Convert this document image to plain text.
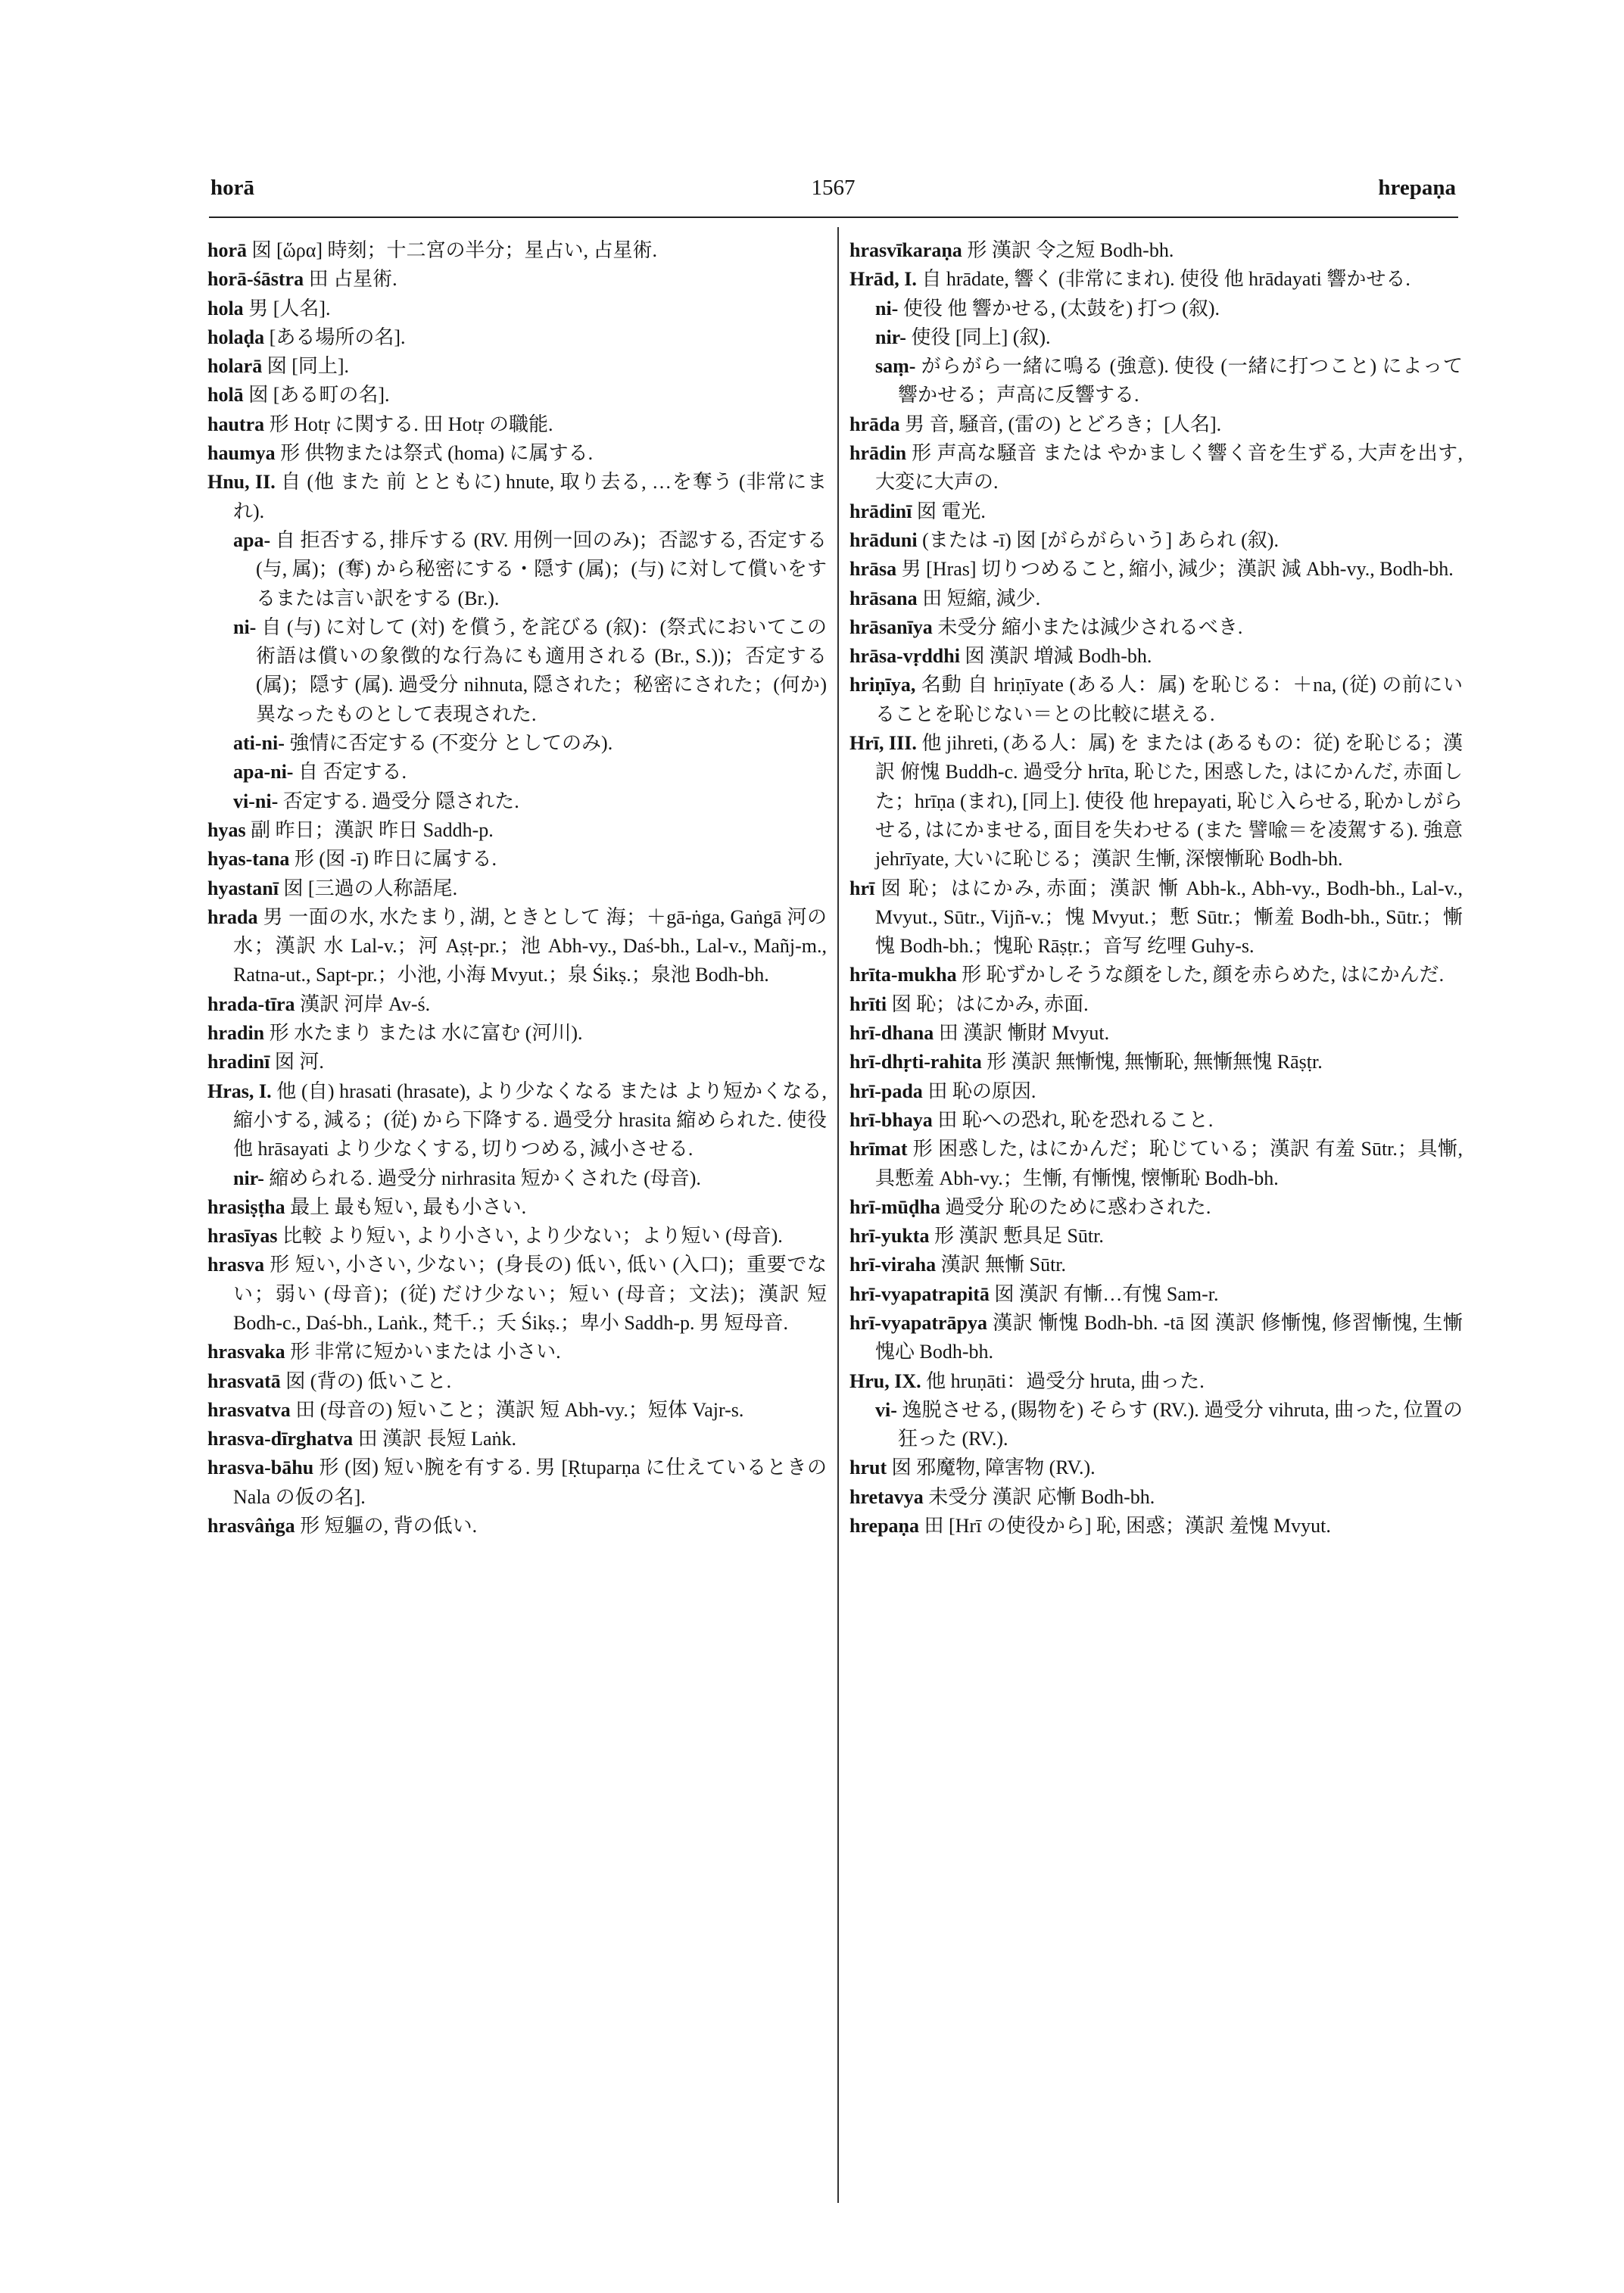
horā	1567	hrepaṇa

horā 囡 [ὥρα] 時刻；十二宮の半分；星占い, 占星術.

horā-śāstra 田 占星術.

hola 男 [人名].

holaḍa [ある場所の名].

holarā 囡 [同上].

holā 囡 [ある町の名].

hautra 形 Hotṛ に関する. 田 Hotṛ の職能.

haumya 形 供物または祭式 (homa) に属する.

Hnu, II. 自 (他 また 前 とともに) hnute, 取り去る, …を奪う (非常にまれ).

apa- 自 拒否する, 排斥する (RV. 用例一回のみ)；否認する, 否定する (与, 属)；(奪) から秘密にする・隠す (属)；(与) に対して償いをするまたは言い訳をする (Br.).

ni- 自 (与) に対して (対) を償う, を詫びる (叙)：(祭式においてこの術語は償いの象徴的な行為にも適用される (Br., S.))；否定する (属)；隠す (属). 過受分 nihnuta, 隠された；秘密にされた；(何か) 異なったものとして表現された.

ati-ni- 強情に否定する (不変分 としてのみ).

apa-ni- 自 否定する.

vi-ni- 否定する. 過受分 隠された.

hyas 副 昨日；漢訳 昨日 Saddh-p.

hyas-tana 形 (囡 -ī) 昨日に属する.

hyastanī 囡 [三過の人称語尾.

hrada 男 一面の水, 水たまり, 湖, ときとして 海；＋gā-ṅga, Gaṅgā 河の水；漢訳 水 Lal-v.；河 Aṣṭ-pr.；池 Abh-vy., Daś-bh., Lal-v., Mañj-m., Ratna-ut., Sapt-pr.；小池, 小海 Mvyut.；泉 Śikṣ.；泉池 Bodh-bh.

hrada-tīra 漢訳 河岸 Av-ś.

hradin 形 水たまり または 水に富む (河川).

hradinī 囡 河.

Hras, I. 他 (自) hrasati (hrasate), より少なくなる または より短かくなる, 縮小する, 減る；(従) から下降する. 過受分 hrasita 縮められた. 使役 他 hrāsayati より少なくする, 切りつめる, 減小させる.

nir- 縮められる. 過受分 nirhrasita 短かくされた (母音).

hrasiṣṭha 最上 最も短い, 最も小さい.

hrasīyas 比較 より短い, より小さい, より少ない；より短い (母音).

hrasva 形 短い, 小さい, 少ない；(身長の) 低い, 低い (入口)；重要でない；弱い (母音)；(従) だけ少ない；短い (母音；文法)；漢訳 短 Bodh-c., Daś-bh., Laṅk., 梵千.；夭 Śikṣ.；卑小 Saddh-p. 男 短母音.

hrasvaka 形 非常に短かいまたは 小さい.

hrasvatā 囡 (背の) 低いこと.

hrasvatva 田 (母音の) 短いこと；漢訳 短 Abh-vy.；短体 Vajr-s.

hrasva-dīrghatva 田 漢訳 長短 Laṅk.

hrasva-bāhu 形 (囡) 短い腕を有する. 男 [Ṛtuparṇa に仕えているときの Nala の仮の名].

hrasvâṅga 形 短軀の, 背の低い.

hrasvīkaraṇa 形 漢訳 令之短 Bodh-bh.

Hrād, I. 自 hrādate, 響く (非常にまれ). 使役 他 hrādayati 響かせる.

ni- 使役 他 響かせる, (太鼓を) 打つ (叙).

nir- 使役 [同上] (叙).

saṃ- がらがら一緒に鳴る (強意). 使役 (一緒に打つこと) によって響かせる；声高に反響する.

hrāda 男 音, 騒音, (雷の) とどろき；[人名].

hrādin 形 声高な騒音 または やかましく響く音を生ずる, 大声を出す, 大変に大声の.

hrādinī 囡 電光.

hrāduni (または -ī) 囡 [がらがらいう] あられ (叙).

hrāsa 男 [Hras] 切りつめること, 縮小, 減少；漢訳 減 Abh-vy., Bodh-bh.

hrāsana 田 短縮, 減少.

hrāsanīya 未受分 縮小または減少されるべき.

hrāsa-vṛddhi 囡 漢訳 増減 Bodh-bh.

hriṇīya, 名動 自 hriṇīyate (ある人：属) を恥じる：＋na, (従) の前にいることを恥じない＝との比較に堪える.

Hrī, III. 他 jihreti, (ある人：属) を または (あるもの：従) を恥じる；漢訳 俯愧 Buddh-c. 過受分 hrīta, 恥じた, 困惑した, はにかんだ, 赤面した；hrīṇa (まれ), [同上]. 使役 他 hrepayati, 恥じ入らせる, 恥かしがらせる, はにかませる, 面目を失わせる (また 譬喩＝を凌駕する). 強意 jehrīyate, 大いに恥じる；漢訳 生慚, 深懐慚恥 Bodh-bh.

hrī 囡 恥；はにかみ, 赤面；漢訳 慚 Abh-k., Abh-vy., Bodh-bh., Lal-v., Mvyut., Sūtr., Vijñ-v.；愧 Mvyut.；慙 Sūtr.；慚羞 Bodh-bh., Sūtr.；慚愧 Bodh-bh.；愧恥 Rāṣṭr.；音写 纥哩 Guhy-s.

hrīta-mukha 形 恥ずかしそうな顔をした, 顔を赤らめた, はにかんだ.

hrīti 囡 恥；はにかみ, 赤面.

hrī-dhana 田 漢訳 慚財 Mvyut.

hrī-dhṛti-rahita 形 漢訳 無慚愧, 無慚恥, 無慚無愧 Rāṣṭr.

hrī-pada 田 恥の原因.

hrī-bhaya 田 恥への恐れ, 恥を恐れること.

hrīmat 形 困惑した, はにかんだ；恥じている；漢訳 有羞 Sūtr.；具慚, 具慙羞 Abh-vy.；生慚, 有慚愧, 懐慚恥 Bodh-bh.

hrī-mūḍha 過受分 恥のために惑わされた.

hrī-yukta 形 漢訳 慙具足 Sūtr.

hrī-viraha 漢訳 無慚 Sūtr.

hrī-vyapatrapitā 囡 漢訳 有慚…有愧 Sam-r.

hrī-vyapatrāpya 漢訳 慚愧 Bodh-bh. -tā 囡 漢訳 修慚愧, 修習慚愧, 生慚愧心 Bodh-bh.

Hru, IX. 他 hruṇāti：過受分 hruta, 曲った.

vi- 逸脱させる, (賜物を) そらす (RV.). 過受分 vihruta, 曲った, 位置の狂った (RV.).

hrut 囡 邪魔物, 障害物 (RV.).

hretavya 未受分 漢訳 応慚 Bodh-bh.

hrepaṇa 田 [Hrī の使役から] 恥, 困惑；漢訳 羞愧 Mvyut.
